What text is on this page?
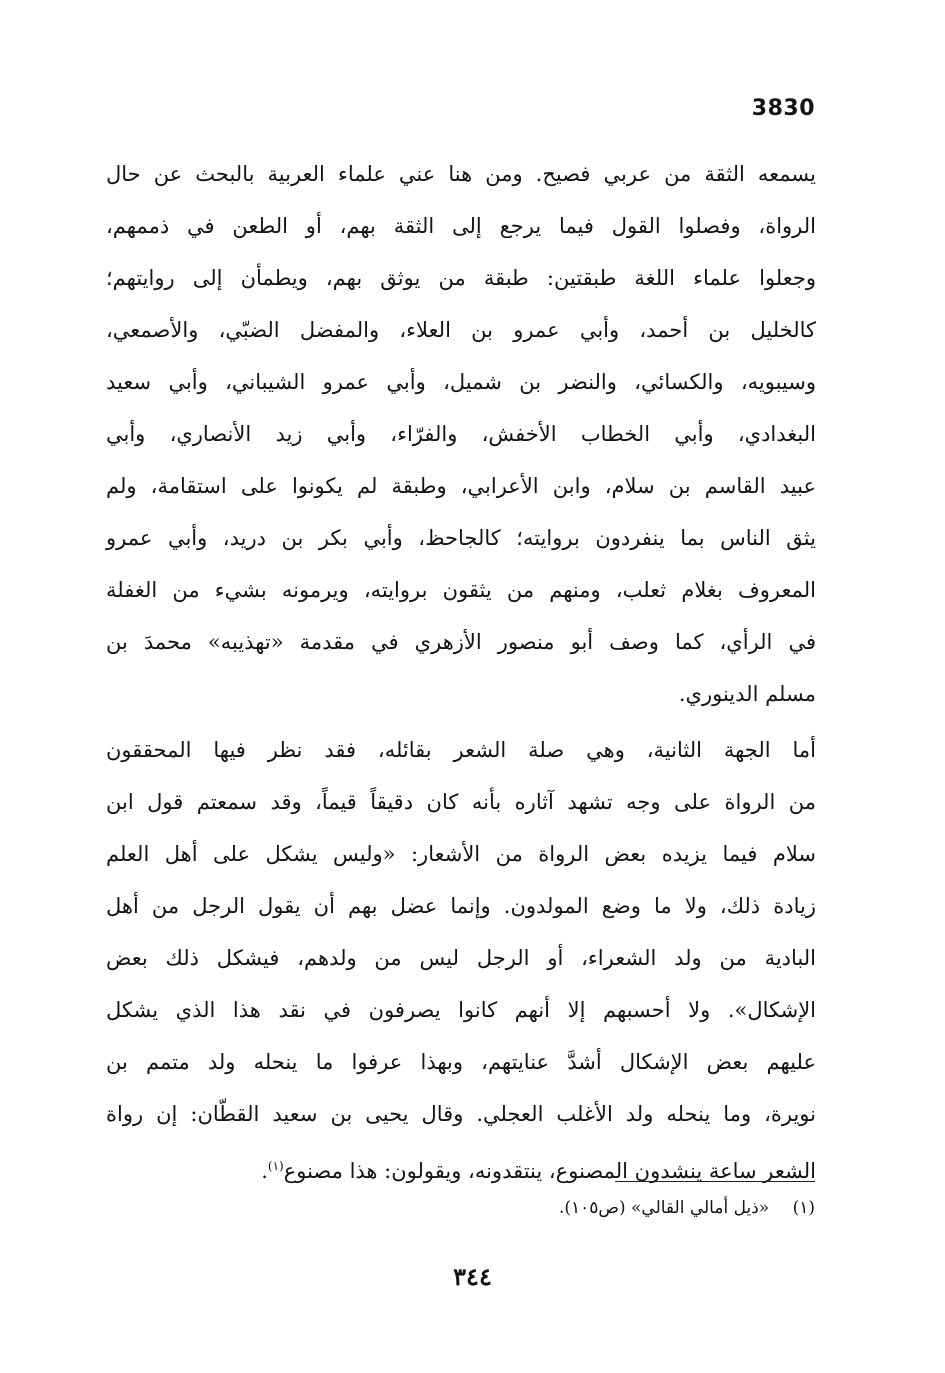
3830
يسمعه الثقة من عربي فصيح. ومن هنا عني علماء العربية بالبحث عن حال
الرواة، وفصلوا القول فيما يرجع إلى الثقة بهم، أو الطعن في ذممهم،
وجعلوا علماء اللغة طبقتين: طبقة من يوثق بهم، ويطمأن إلى روايتهم؛
كالخليل بن أحمد، وأبي عمرو بن العلاء، والمفضل الضبّي، والأصمعي،
وسيبويه، والكسائي، والنضر بن شميل، وأبي عمرو الشيباني، وأبي سعيد
البغدادي، وأبي الخطاب الأخفش، والفرّاء، وأبي زيد الأنصاري، وأبي
عبيد القاسم بن سلام، وابن الأعرابي، وطبقة لم يكونوا على استقامة، ولم
يثق الناس بما ينفردون بروايته؛ كالجاحظ، وأبي بكر بن دريد، وأبي عمرو
المعروف بغلام ثعلب، ومنهم من يثقون بروايته، ويرمونه بشيء من الغفلة
في الرأي، كما وصف أبو منصور الأزهري في مقدمة «تهذيبه» محمدَ بن
مسلم الدينوري.
أما الجهة الثانية، وهي صلة الشعر بقائله، فقد نظر فيها المحققون
من الرواة على وجه تشهد آثاره بأنه كان دقيقاً قيماً، وقد سمعتم قول ابن
سلام فيما يزيده بعض الرواة من الأشعار: «وليس يشكل على أهل العلم
زيادة ذلك، ولا ما وضع المولدون. وإنما عضل بهم أن يقول الرجل من أهل
البادية من ولد الشعراء، أو الرجل ليس من ولدهم، فيشكل ذلك بعض
الإشكال». ولا أحسبهم إلا أنهم كانوا يصرفون في نقد هذا الذي يشكل
عليهم بعض الإشكال أشدَّ عنايتهم، وبهذا عرفوا ما ينحله ولد متمم بن
نويرة، وما ينحله ولد الأغلب العجلي. وقال يحيى بن سعيد القطّان: إن رواة
الشعر ساعة ينشدون المصنوع، ينتقدونه، ويقولون: هذا مصنوع$^{(١)}$.
(١) «ذيل أمالي القالي» (ص١٠٥).
٣٤٤
